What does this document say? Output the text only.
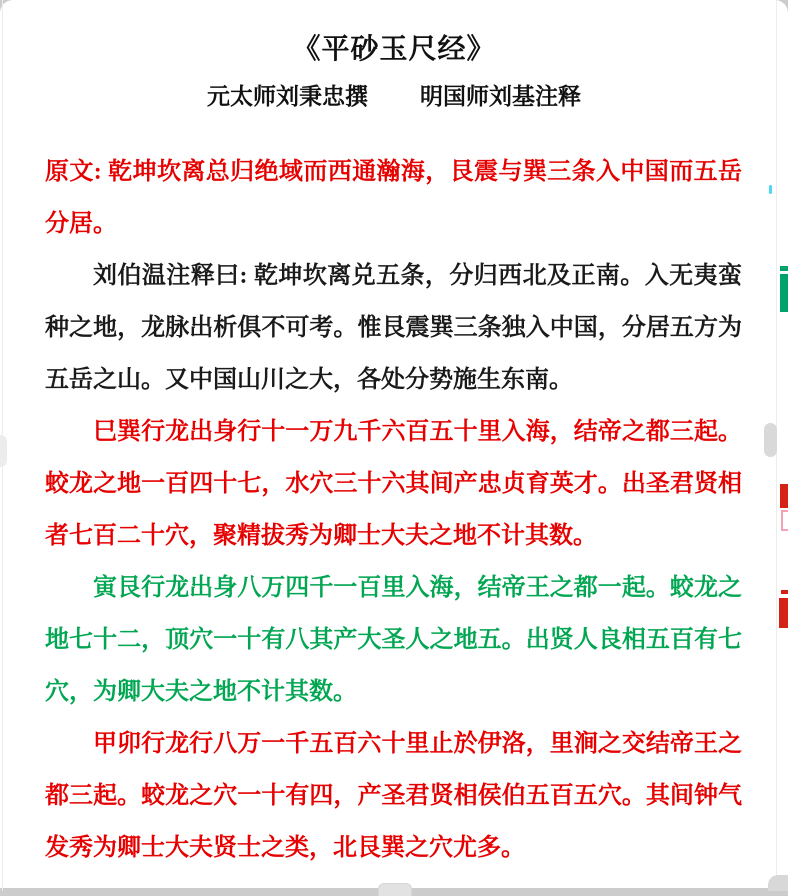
《平砂玉尺经》
元太师刘秉忠撰 明国师刘基注释

原文: 乾坤坎离总归绝域而西通瀚海，艮震与巽三条入中国而五岳分居。

刘伯温注释曰: 乾坤坎离兑五条，分归西北及正南。入无夷蛮种之地，龙脉出析俱不可考。惟艮震巽三条独入中国，分居五方为五岳之山。又中国山川之大，各处分势施生东南。

巳巽行龙出身行十一万九千六百五十里入海，结帝之都三起。蛟龙之地一百四十七，水穴三十六其间产忠贞育英才。出圣君贤相者七百二十穴，聚精拔秀为卿士大夫之地不计其数。

寅艮行龙出身八万四千一百里入海，结帝王之都一起。蛟龙之地七十二，顶穴一十有八其产大圣人之地五。出贤人良相五百有七穴，为卿大夫之地不计其数。

甲卯行龙行八万一千五百六十里止於伊洛，里涧之交结帝王之都三起。蛟龙之穴一十有四，产圣君贤相侯伯五百五穴。其间钟气发秀为卿士大夫贤士之类，北艮巽之穴尤多。
